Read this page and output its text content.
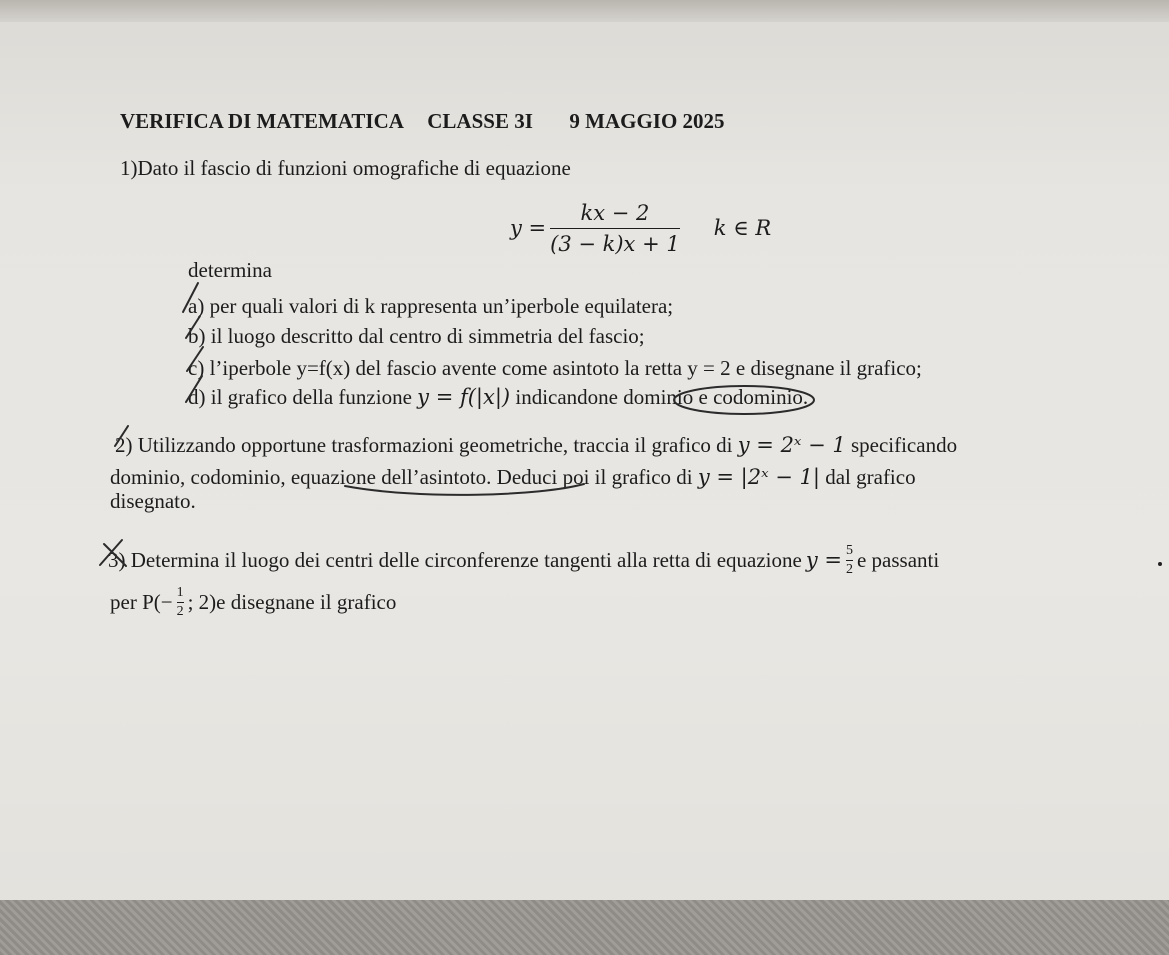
VERIFICA DI MATEMATICA CLASSE 3I 9 MAGGIO 2025
1)Dato il fascio di funzioni omografiche di equazione
$y = \frac{kx - 2}{(3 - k)x + 1}$ k ∈ R
determina
a) per quali valori di k rappresenta un’iperbole equilatera;
b) il luogo descritto dal centro di simmetria del fascio;
c) l’iperbole y=f(x) del fascio avente come asintoto la retta y = 2 e disegnane il grafico;
d) il grafico della funzione y = f(|x|) indicandone dominio e codominio.
2) Utilizzando opportune trasformazioni geometriche, traccia il grafico di y = 2ˣ − 1 specificando
dominio, codominio, equazione dell’asintoto. Deduci poi il grafico di y = |2ˣ − 1| dal grafico
disegnato.
3) Determina il luogo dei centri delle circonferenze tangenti alla retta di equazione $y = \frac{5}{2}$ e passanti
per $P(- \frac{1}{2}$ ; 2) e disegnane il grafico
